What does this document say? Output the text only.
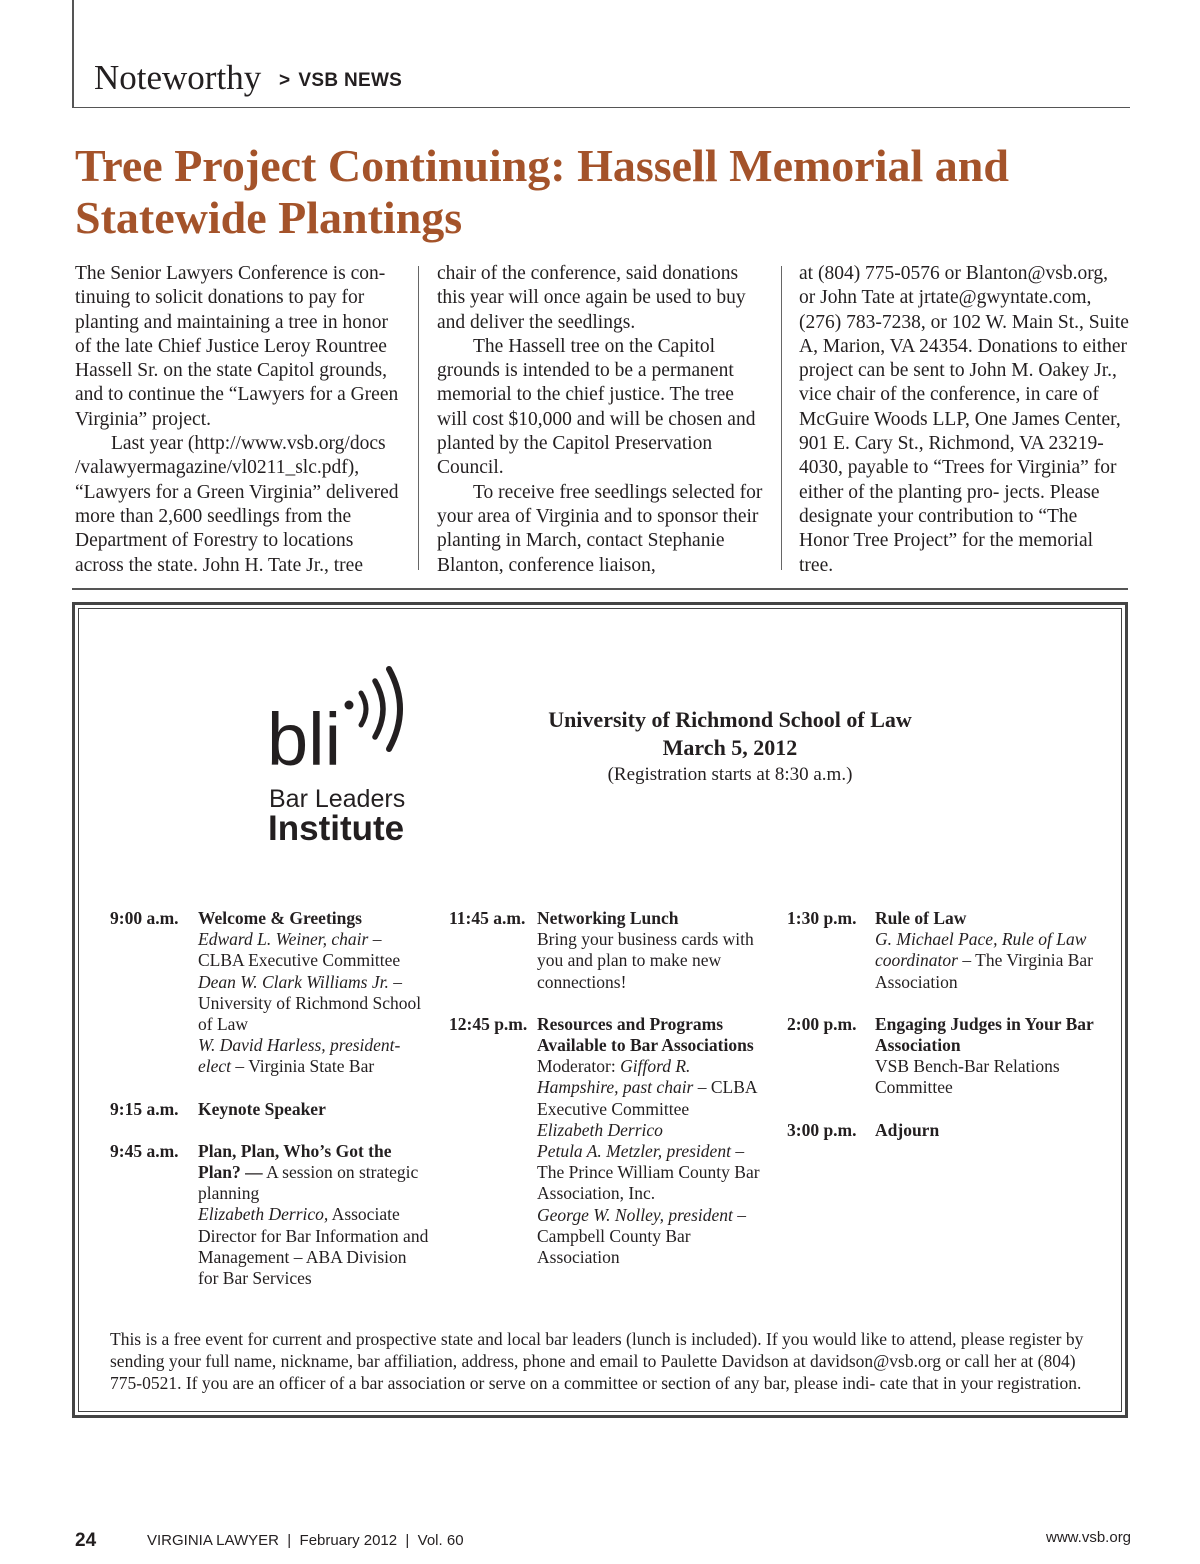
Noteworthy > VSB NEWS
Tree Project Continuing: Hassell Memorial and
Statewide Plantings

The Senior Lawyers Conference is con- tinuing to solicit donations to pay for planting and maintaining a tree in honor of the late Chief Justice Leroy Rountree Hassell Sr. on the state Capitol grounds, and to continue the “Lawyers for a Green Virginia” project.

Last year (http://www.vsb.org/docs /valawyermagazine/vl0211_slc.pdf), “Lawyers for a Green Virginia” delivered more than 2,600 seedlings from the Department of Forestry to locations across the state. John H. Tate Jr., tree

chair of the conference, said donations this year will once again be used to buy and deliver the seedlings.

The Hassell tree on the Capitol grounds is intended to be a permanent memorial to the chief justice. The tree will cost $10,000 and will be chosen and planted by the Capitol Preservation Council.

To receive free seedlings selected for your area of Virginia and to sponsor their planting in March, contact Stephanie Blanton, conference liaison,

at (804) 775-0576 or Blanton@vsb.org, or John Tate at jrtate@gwyntate.com, (276) 783-7238, or 102 W. Main St., Suite A, Marion, VA 24354. Donations to either project can be sent to John M. Oakey Jr., vice chair of the conference, in care of McGuire Woods LLP, One James Center, 901 E. Cary St., Richmond, VA 23219-4030, payable to “Trees for Virginia” for either of the planting pro- jects. Please designate your contribution to “The Honor Tree Project” for the memorial tree.

bli
Bar Leaders
Institute
University of Richmond School of Law
March 5, 2012
(Registration starts at 8:30 a.m.)
9:00 a.m.	Welcome & Greetings
Edward L. Weiner, chair – CLBA Executive Committee
Dean W. Clark Williams Jr. – University of Richmond School of Law
W. David Harless, president-elect – Virginia State Bar
9:15 a.m.	Keynote Speaker
9:45 a.m.	Plan, Plan, Who’s Got the Plan? — A session on strategic planning
Elizabeth Derrico, Associate Director for Bar Information and Management – ABA Division for Bar Services
11:45 a.m. Networking Lunch
Bring your business cards with you and plan to make new connections!
12:45 p.m. Resources and Programs Available to Bar Associations
Moderator: Gifford R. Hampshire, past chair – CLBA Executive Committee
Elizabeth Derrico
Petula A. Metzler, president – The Prince William County Bar Association, Inc.
George W. Nolley, president – Campbell County Bar Association
1:30 p.m.	Rule of Law
G. Michael Pace, Rule of Law coordinator – The Virginia Bar Association
2:00 p.m.	Engaging Judges in Your Bar Association
VSB Bench-Bar Relations Committee
3:00 p.m.	Adjourn
This is a free event for current and prospective state and local bar leaders (lunch is included). If you would like to attend, please register by sending your full name, nickname, bar affiliation, address, phone and email to Paulette Davidson at davidson@vsb.org or call her at (804) 775-0521. If you are an officer of a bar association or serve on a committee or section of any bar, please indi- cate that in your registration.
24	VIRGINIA LAWYER  |  February 2012  |  Vol. 60	www.vsb.org
